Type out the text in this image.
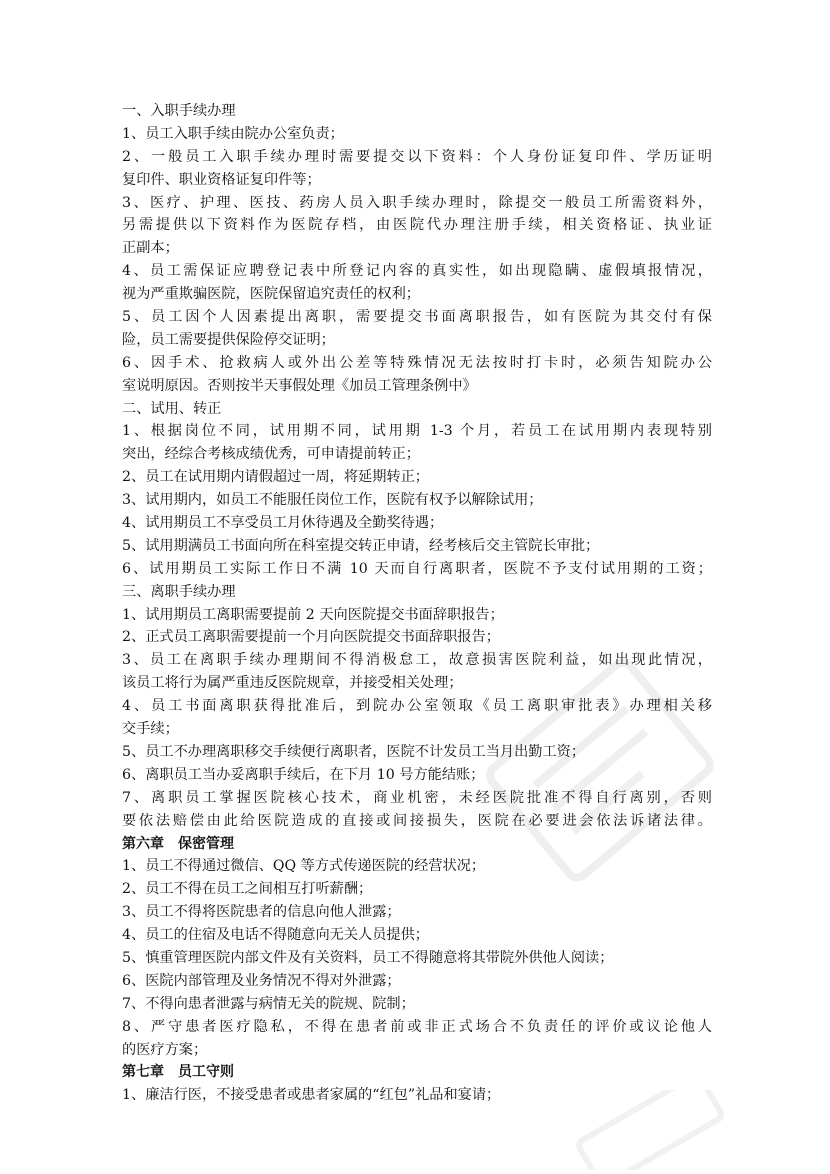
一、入职手续办理
1、员工入职手续由院办公室负责；
2、一般员工入职手续办理时需要提交以下资料：个人身份证复印件、学历证明
复印件、职业资格证复印件等；
3、医疗、护理、医技、药房人员入职手续办理时，除提交一般员工所需资料外，
另需提供以下资料作为医院存档，由医院代办理注册手续，相关资格证、执业证
正副本；
4、员工需保证应聘登记表中所登记内容的真实性，如出现隐瞒、虚假填报情况，
视为严重欺骗医院，医院保留追究责任的权利；
5、员工因个人因素提出离职，需要提交书面离职报告，如有医院为其交付有保
险，员工需要提供保险停交证明；
6、因手术、抢救病人或外出公差等特殊情况无法按时打卡时，必须告知院办公
室说明原因。否则按半天事假处理《加员工管理条例中》
二、试用、转正
1、根据岗位不同，试用期不同，试用期 1-3 个月，若员工在试用期内表现特别
突出，经综合考核成绩优秀，可申请提前转正；
2、员工在试用期内请假超过一周，将延期转正；
3、试用期内，如员工不能服任岗位工作，医院有权予以解除试用；
4、试用期员工不享受员工月休待遇及全勤奖待遇；
5、试用期满员工书面向所在科室提交转正申请，经考核后交主管院长审批；
6、试用期员工实际工作日不满 10 天而自行离职者，医院不予支付试用期的工资；
三、离职手续办理
1、试用期员工离职需要提前 2 天向医院提交书面辞职报告；
2、正式员工离职需要提前一个月向医院提交书面辞职报告；
3、员工在离职手续办理期间不得消极怠工，故意损害医院利益，如出现此情况，
该员工将行为属严重违反医院规章，并接受相关处理；
4、员工书面离职获得批准后，到院办公室领取《员工离职审批表》办理相关移
交手续；
5、员工不办理离职移交手续便行离职者，医院不计发员工当月出勤工资；
6、离职员工当办妥离职手续后，在下月 10 号方能结账；
7、离职员工掌握医院核心技术，商业机密，未经医院批准不得自行离别，否则
要依法赔偿由此给医院造成的直接或间接损失，医院在必要进会依法诉诸法律。
第六章　保密管理
1、员工不得通过微信、QQ 等方式传递医院的经营状况；
2、员工不得在员工之间相互打听薪酬；
3、员工不得将医院患者的信息向他人泄露；
4、员工的住宿及电话不得随意向无关人员提供；
5、慎重管理医院内部文件及有关资料，员工不得随意将其带院外供他人阅读；
6、医院内部管理及业务情况不得对外泄露；
7、不得向患者泄露与病情无关的院规、院制；
8、严守患者医疗隐私，不得在患者前或非正式场合不负责任的评价或议论他人
的医疗方案；
第七章　员工守则
1、廉洁行医，不接受患者或患者家属的“红包”礼品和宴请；
